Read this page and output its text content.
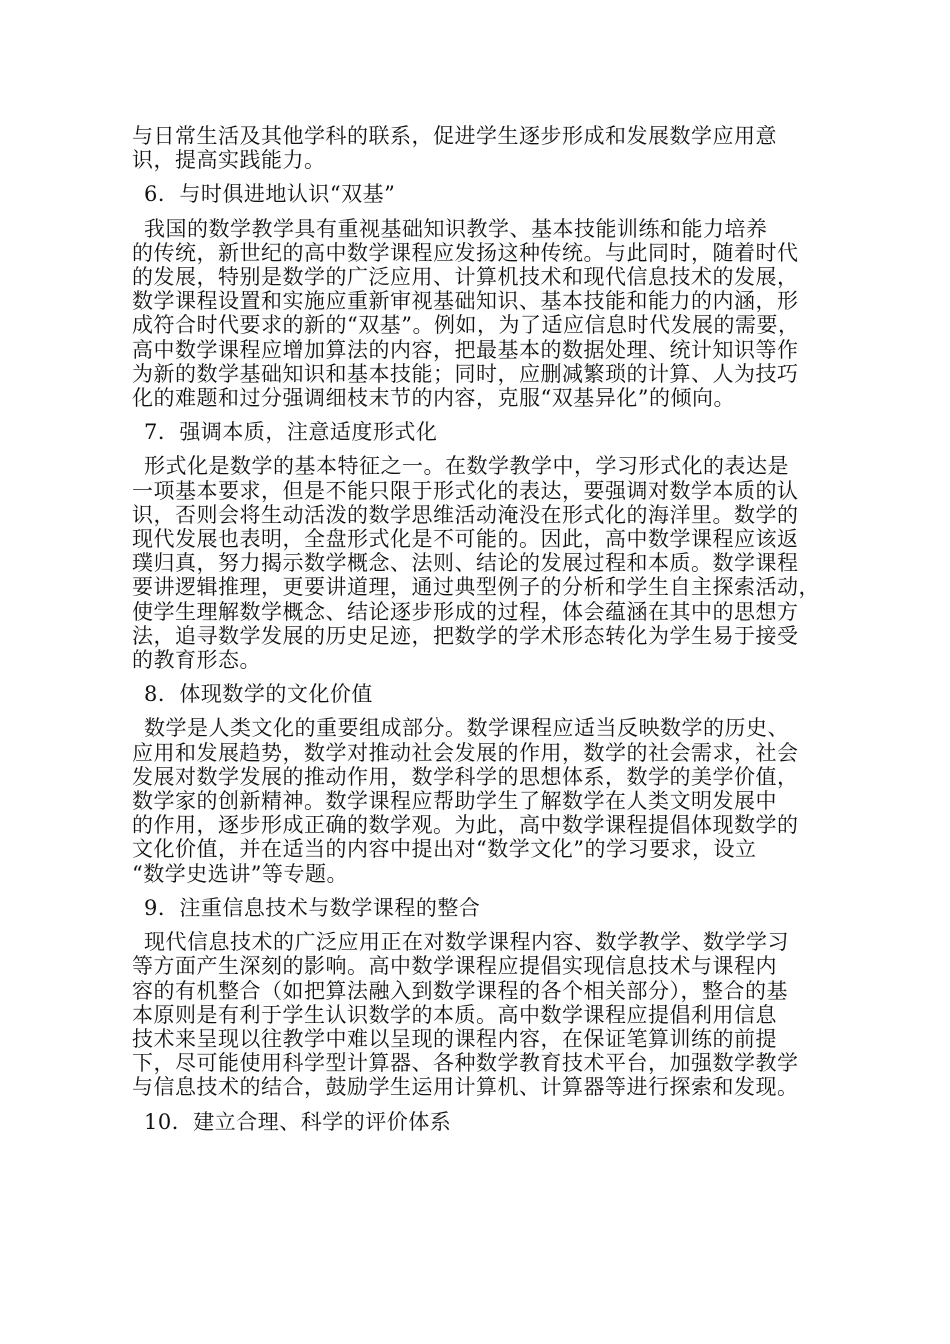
与日常生活及其他学科的联系，促进学生逐步形成和发展数学应用意
识，提高实践能力。
6．与时俱进地认识“双基”
我国的数学教学具有重视基础知识教学、基本技能训练和能力培养
的传统，新世纪的高中数学课程应发扬这种传统。与此同时，随着时代
的发展，特别是数学的广泛应用、计算机技术和现代信息技术的发展，
数学课程设置和实施应重新审视基础知识、基本技能和能力的内涵，形
成符合时代要求的新的“双基”。例如，为了适应信息时代发展的需要，
高中数学课程应增加算法的内容，把最基本的数据处理、统计知识等作
为新的数学基础知识和基本技能；同时，应删减繁琐的计算、人为技巧
化的难题和过分强调细枝末节的内容，克服“双基异化”的倾向。
7．强调本质，注意适度形式化
形式化是数学的基本特征之一。在数学教学中，学习形式化的表达是
一项基本要求，但是不能只限于形式化的表达，要强调对数学本质的认
识，否则会将生动活泼的数学思维活动淹没在形式化的海洋里。数学的
现代发展也表明，全盘形式化是不可能的。因此，高中数学课程应该返
璞归真，努力揭示数学概念、法则、结论的发展过程和本质。数学课程
要讲逻辑推理，更要讲道理，通过典型例子的分析和学生自主探索活动，
使学生理解数学概念、结论逐步形成的过程，体会蕴涵在其中的思想方
法，追寻数学发展的历史足迹，把数学的学术形态转化为学生易于接受
的教育形态。
8．体现数学的文化价值
数学是人类文化的重要组成部分。数学课程应适当反映数学的历史、
应用和发展趋势，数学对推动社会发展的作用，数学的社会需求，社会
发展对数学发展的推动作用，数学科学的思想体系，数学的美学价值，
数学家的创新精神。数学课程应帮助学生了解数学在人类文明发展中
的作用，逐步形成正确的数学观。为此，高中数学课程提倡体现数学的
文化价值，并在适当的内容中提出对“数学文化”的学习要求，设立
“数学史选讲”等专题。
9．注重信息技术与数学课程的整合
现代信息技术的广泛应用正在对数学课程内容、数学教学、数学学习
等方面产生深刻的影响。高中数学课程应提倡实现信息技术与课程内
容的有机整合（如把算法融入到数学课程的各个相关部分），整合的基
本原则是有利于学生认识数学的本质。高中数学课程应提倡利用信息
技术来呈现以往教学中难以呈现的课程内容，在保证笔算训练的前提
下，尽可能使用科学型计算器、各种数学教育技术平台，加强数学教学
与信息技术的结合，鼓励学生运用计算机、计算器等进行探索和发现。
10．建立合理、科学的评价体系
